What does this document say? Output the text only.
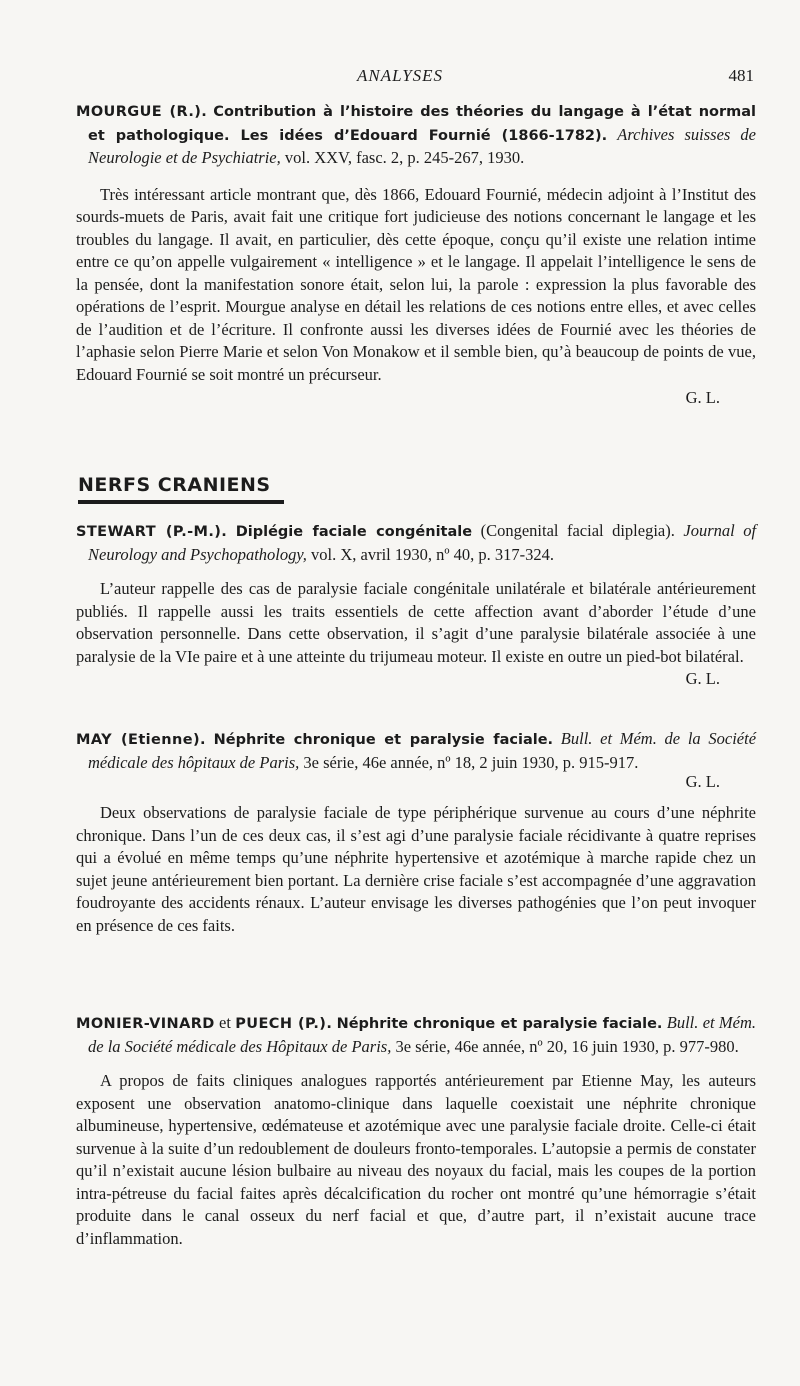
ANALYSES	481

MOURGUE (R.). Contribution à l’histoire des théories du langage à l’état normal et pathologique. Les idées d’Edouard Fournié (1866-1782). Archives suisses de Neurologie et de Psychiatrie, vol. XXV, fasc. 2, p. 245-267, 1930.

Très intéressant article montrant que, dès 1866, Edouard Fournié, médecin adjoint à l’Institut des sourds-muets de Paris, avait fait une critique fort judicieuse des notions concernant le langage et les troubles du langage. Il avait, en particulier, dès cette époque, conçu qu’il existe une relation intime entre ce qu’on appelle vulgairement « intelligence » et le langage. Il appelait l’intelligence le sens de la pensée, dont la manifestation sonore était, selon lui, la parole : expression la plus favorable des opérations de l’esprit. Mourgue analyse en détail les relations de ces notions entre elles, et avec celles de l’audition et de l’écriture. Il confronte aussi les diverses idées de Fournié avec les théories de l’aphasie selon Pierre Marie et selon Von Monakow et il semble bien, qu’à beaucoup de points de vue, Edouard Fournié se soit montré un précurseur.

G. L.

NERFS CRANIENS

STEWART (P.-M.). Diplégie faciale congénitale (Congenital facial diplegia). Journal of Neurology and Psychopathology, vol. X, avril 1930, nº 40, p. 317-324.

L’auteur rappelle des cas de paralysie faciale congénitale unilatérale et bilatérale antérieurement publiés. Il rappelle aussi les traits essentiels de cette affection avant d’aborder l’étude d’une observation personnelle. Dans cette observation, il s’agit d’une paralysie bilatérale associée à une paralysie de la VIe paire et à une atteinte du trijumeau moteur. Il existe en outre un pied-bot bilatéral.
G. L.

MAY (Etienne). Néphrite chronique et paralysie faciale. Bull. et Mém. de la Société médicale des hôpitaux de Paris, 3e série, 46e année, nº 18, 2 juin 1930, p. 915-917.

G. L.

Deux observations de paralysie faciale de type périphérique survenue au cours d’une néphrite chronique. Dans l’un de ces deux cas, il s’est agi d’une paralysie faciale récidivante à quatre reprises qui a évolué en même temps qu’une néphrite hypertensive et azotémique à marche rapide chez un sujet jeune antérieurement bien portant. La dernière crise faciale s’est accompagnée d’une aggravation foudroyante des accidents rénaux. L’auteur envisage les diverses pathogénies que l’on peut invoquer en présence de ces faits.

MONIER-VINARD et PUECH (P.). Néphrite chronique et paralysie faciale. Bull. et Mém. de la Société médicale des Hôpitaux de Paris, 3e série, 46e année, nº 20, 16 juin 1930, p. 977-980.

A propos de faits cliniques analogues rapportés antérieurement par Etienne May, les auteurs exposent une observation anatomo-clinique dans laquelle coexistait une néphrite chronique albumineuse, hypertensive, œdémateuse et azotémique avec une paralysie faciale droite. Celle-ci était survenue à la suite d’un redoublement de douleurs fronto-temporales. L’autopsie a permis de constater qu’il n’existait aucune lésion bulbaire au niveau des noyaux du facial, mais les coupes de la portion intra-pétreuse du facial faites après décalcification du rocher ont montré qu’une hémorragie s’était produite dans le canal osseux du nerf facial et que, d’autre part, il n’existait aucune trace d’inflammation.
